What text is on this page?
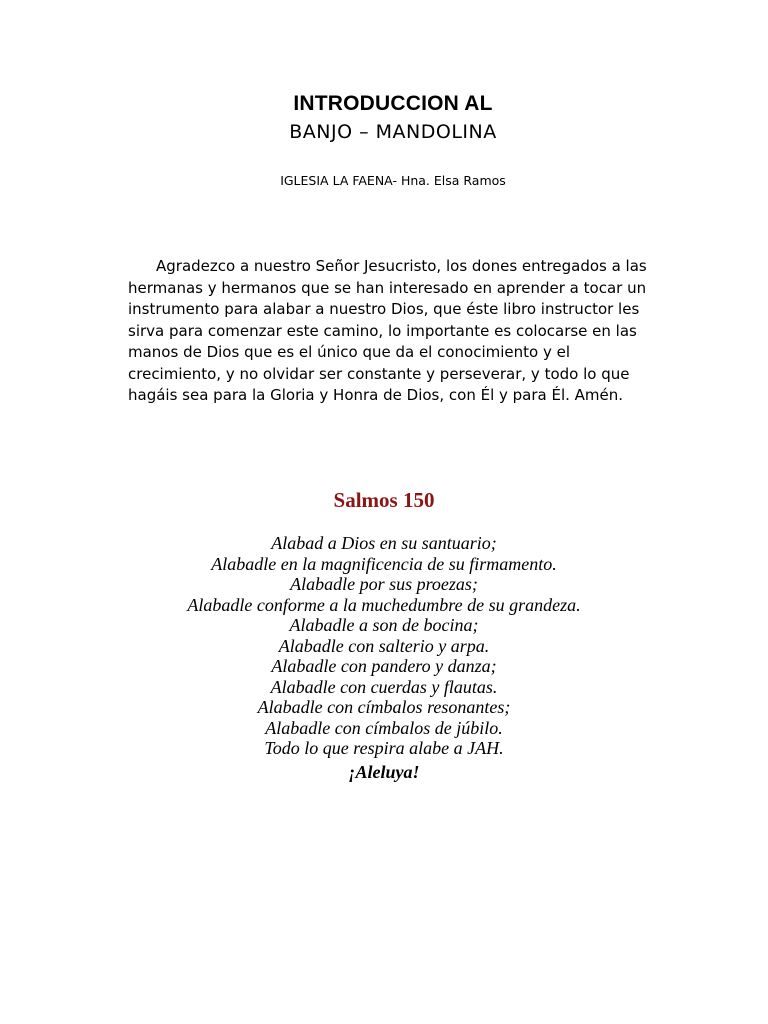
INTRODUCCION AL
BANJO – MANDOLINA
IGLESIA LA FAENA- Hna. Elsa Ramos

Agradezco a nuestro Señor Jesucristo, los dones entregados a las hermanas y hermanos que se han interesado en aprender a tocar un instrumento para alabar a nuestro Dios, que éste libro instructor les sirva para comenzar este camino, lo importante es colocarse en las manos de Dios que es el único que da el conocimiento y el crecimiento, y no olvidar ser constante y perseverar, y todo lo que hagáis sea para la Gloria y Honra de Dios, con Él y para Él. Amén.

Salmos 150
Alabad a Dios en su santuario;
Alabadle en la magnificencia de su firmamento.
Alabadle por sus proezas;
Alabadle conforme a la muchedumbre de su grandeza.
Alabadle a son de bocina;
Alabadle con salterio y arpa.
Alabadle con pandero y danza;
Alabadle con cuerdas y flautas.
Alabadle con címbalos resonantes;
Alabadle con címbalos de júbilo.
Todo lo que respira alabe a JAH.
¡Aleluya!
